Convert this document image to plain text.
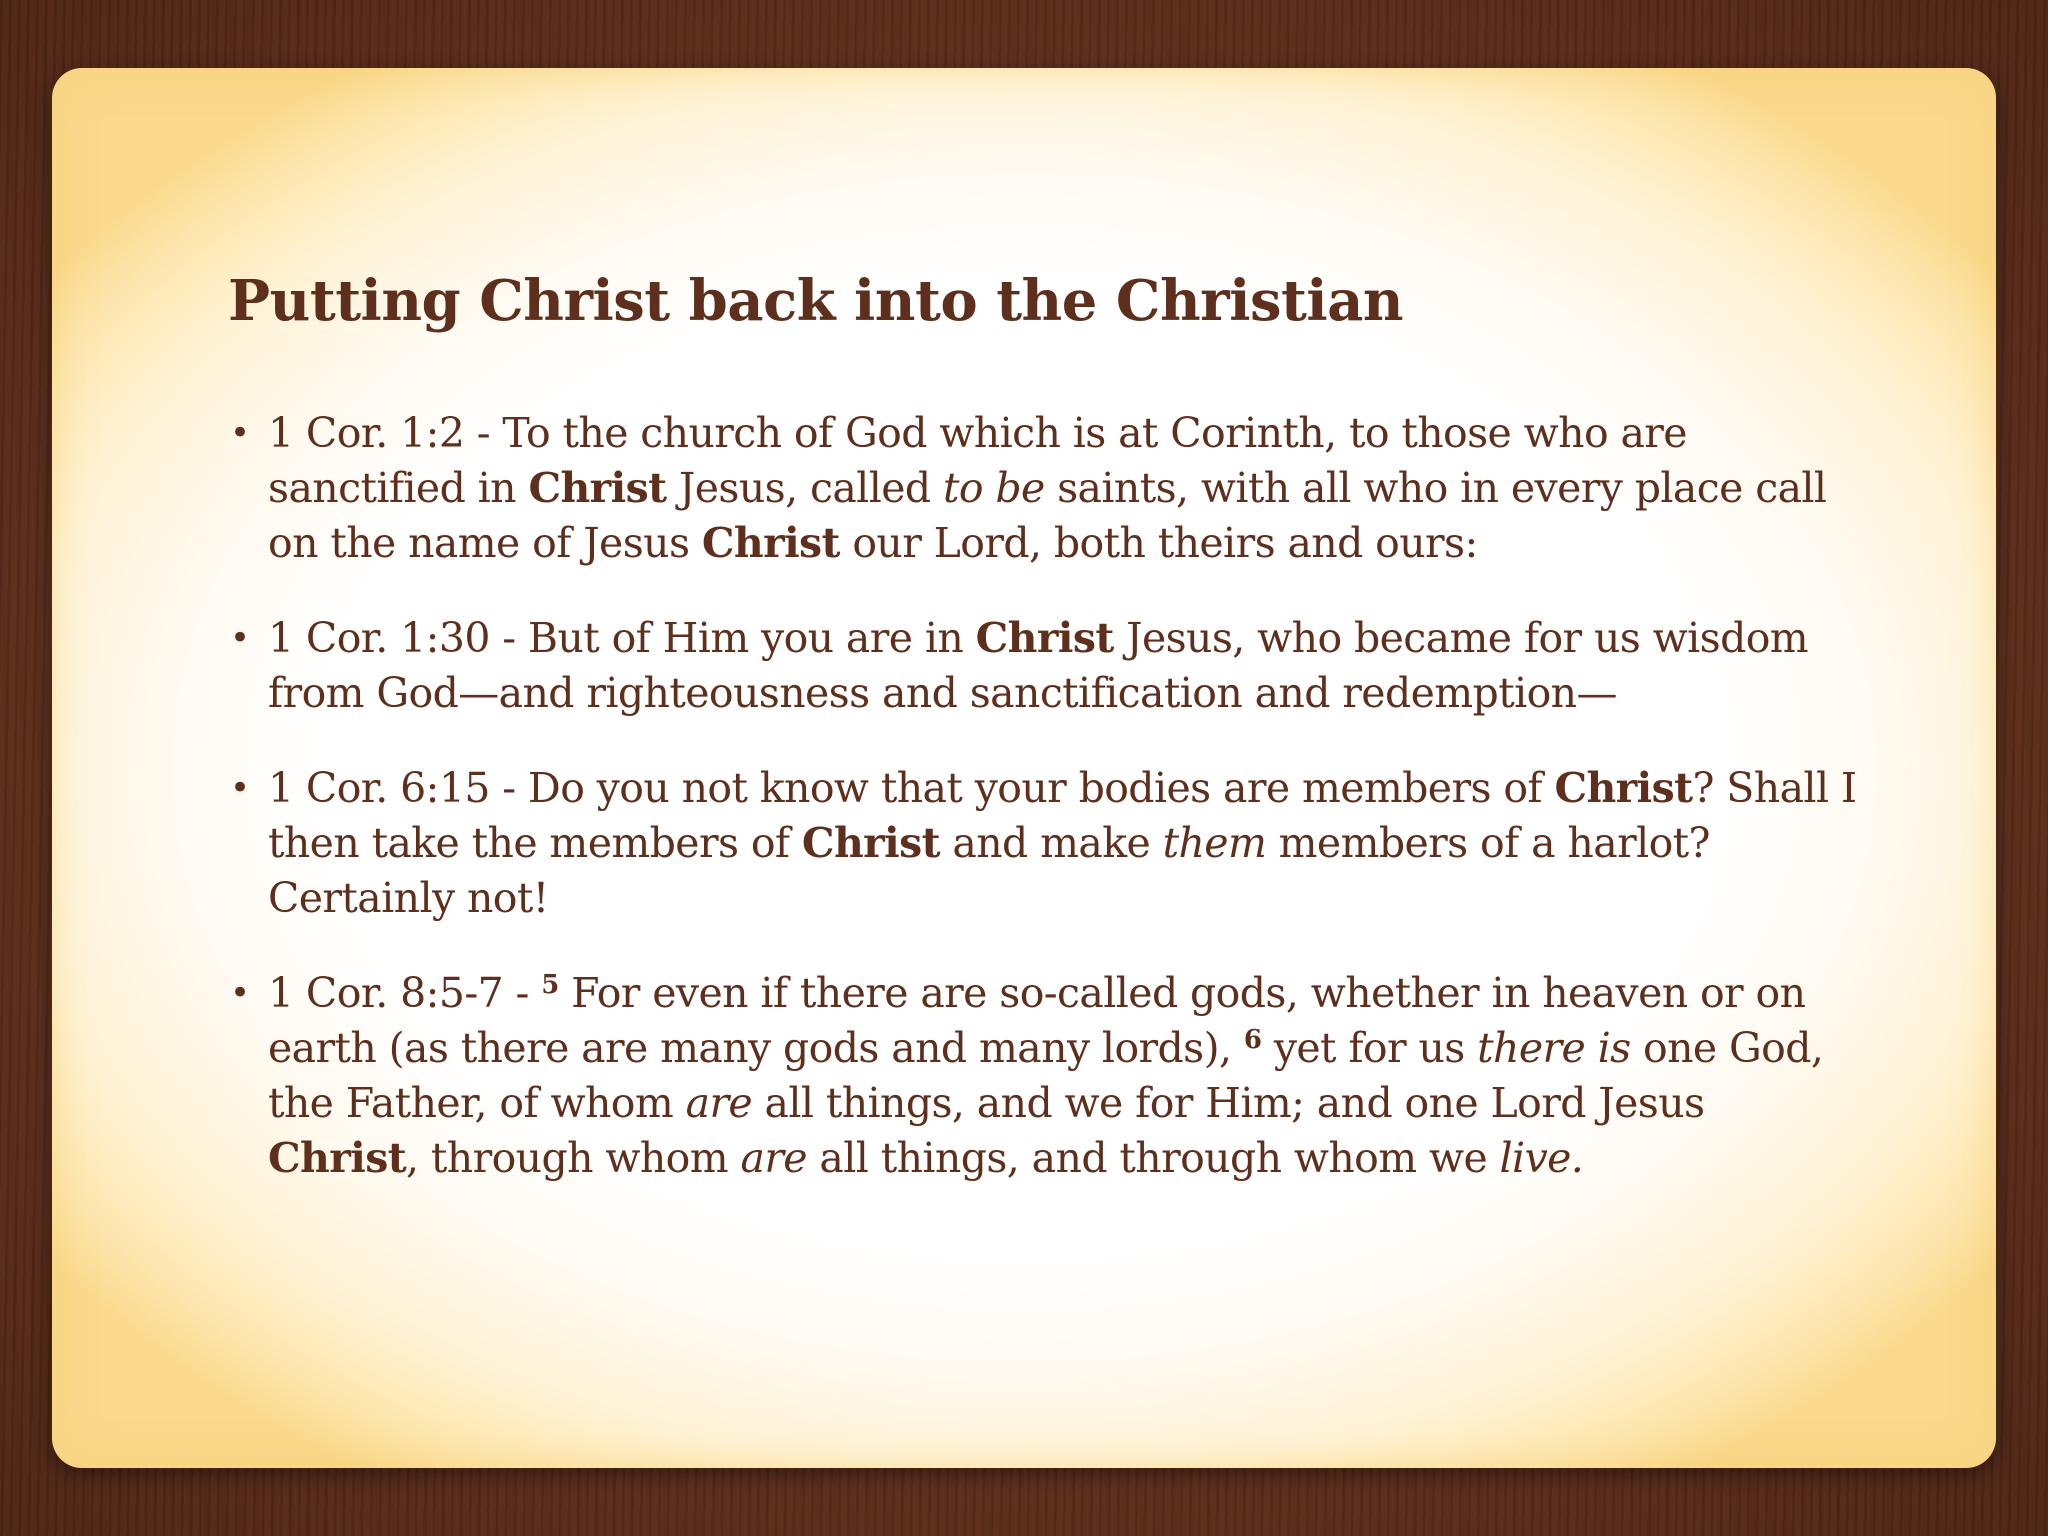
Putting Christ back into the Christian
• 1 Cor. 1:2 - To the church of God which is at Corinth, to those who are sanctified in Christ Jesus, called to be saints, with all who in every place call on the name of Jesus Christ our Lord, both theirs and ours:
• 1 Cor. 1:30 - But of Him you are in Christ Jesus, who became for us wisdom from God—and righteousness and sanctification and redemption—
• 1 Cor. 6:15 - Do you not know that your bodies are members of Christ? Shall I then take the members of Christ and make them members of a harlot? Certainly not!
• 1 Cor. 8:5-7 - $^5$ For even if there are so-called gods, whether in heaven or on earth (as there are many gods and many lords), $^6$ yet for us there is one God, the Father, of whom are all things, and we for Him; and one Lord Jesus Christ, through whom are all things, and through whom we live.
